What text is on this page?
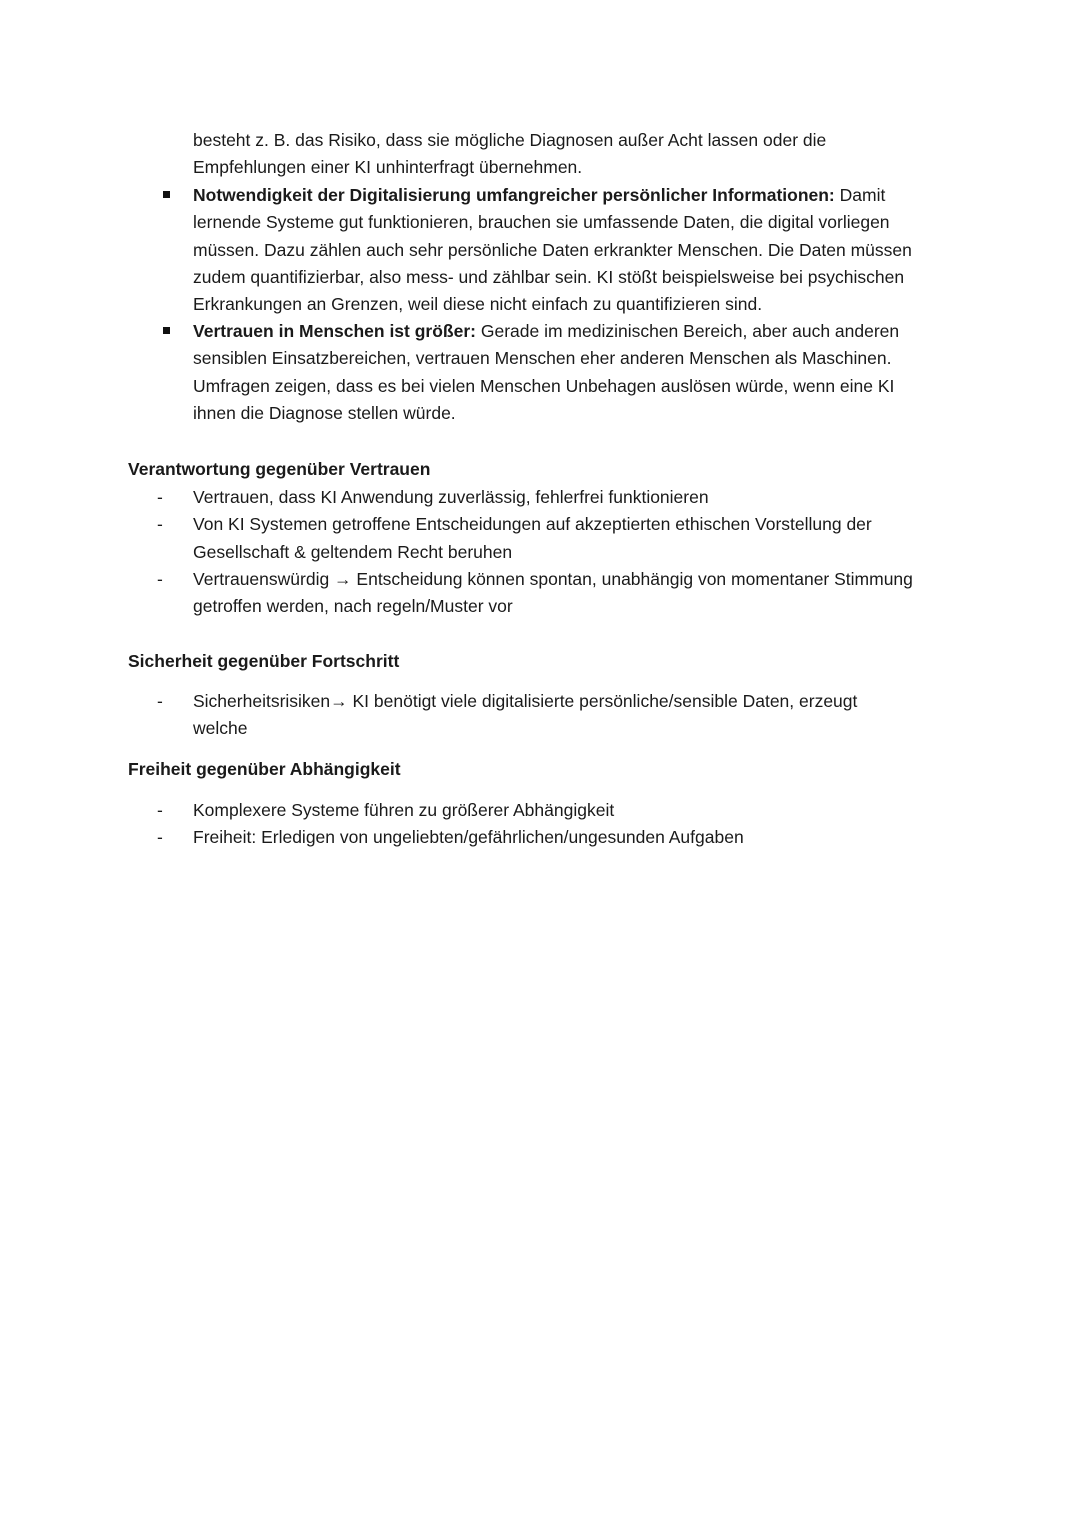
besteht z. B. das Risiko, dass sie mögliche Diagnosen außer Acht lassen oder die Empfehlungen einer KI unhinterfragt übernehmen.
Notwendigkeit der Digitalisierung umfangreicher persönlicher Informationen: Damit lernende Systeme gut funktionieren, brauchen sie umfassende Daten, die digital vorliegen müssen. Dazu zählen auch sehr persönliche Daten erkrankter Menschen. Die Daten müssen zudem quantifizierbar, also mess- und zählbar sein. KI stößt beispielsweise bei psychischen Erkrankungen an Grenzen, weil diese nicht einfach zu quantifizieren sind.
Vertrauen in Menschen ist größer: Gerade im medizinischen Bereich, aber auch anderen sensiblen Einsatzbereichen, vertrauen Menschen eher anderen Menschen als Maschinen. Umfragen zeigen, dass es bei vielen Menschen Unbehagen auslösen würde, wenn eine KI ihnen die Diagnose stellen würde.
Verantwortung gegenüber Vertrauen
- Vertrauen, dass KI Anwendung zuverlässig, fehlerfrei funktionieren
- Von KI Systemen getroffene Entscheidungen auf akzeptierten ethischen Vorstellung der Gesellschaft & geltendem Recht beruhen
- Vertrauenswürdig → Entscheidung können spontan, unabhängig von momentaner Stimmung getroffen werden, nach regeln/Muster vor
Sicherheit gegenüber Fortschritt
- Sicherheitsrisiken→ KI benötigt viele digitalisierte persönliche/sensible Daten, erzeugt welche
Freiheit gegenüber Abhängigkeit
- Komplexere Systeme führen zu größerer Abhängigkeit
- Freiheit: Erledigen von ungeliebten/gefährlichen/ungesunden Aufgaben
